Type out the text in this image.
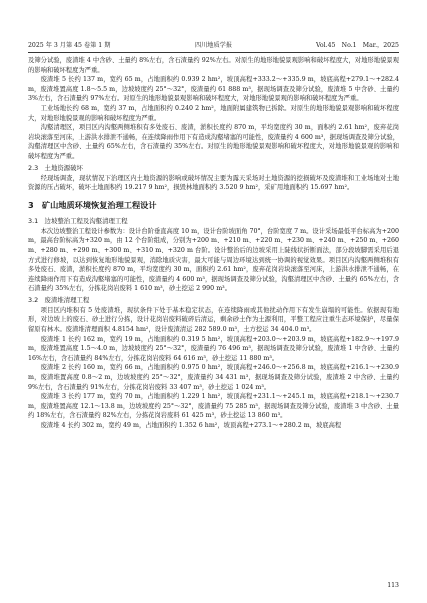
2025 年 3 月第 45 卷第 1 期	四川地质学报	Vol.45　No.1　Mar.，2025

及筛分试验，废渣堆 4 中含砂、土量约 8%左右，含石渣量约 92%左右。对原生的地形地貌景观影响和破坏程度大，对地形地貌景观的影响和破坏程度为严重。

废渣堆 5 长约 137 m，宽约 65 m，占地面积约 0.939 2 hm²，坡顶高程+333.2～+335.9 m，坡底高程+279.1～+282.4 m，废渣堆置高度 1.8～5.5 m，边坡坡度约 25°～32°，废渣量约 61 888 m³，据现场调查及筛分试验，废渣堆 5 中含砂、土量约 3%左右，含石渣量约 97%左右。对原生的地形地貌景观影响和破坏程度大，对地形地貌景观的影响和破坏程度为严重。

工业场地长约 68 m，宽约 37 m，占地面积约 0.240 2 hm²，地面附属建筑物已拆除。对原生的地形地貌景观影响和破坏程度大，对地形地貌景观的影响和破坏程度为严重。

沟壑清理区，项目区内沟壑两侧堆积有多处废石、废渣，淤积长度约 870 m，平均宽度约 30 m，面积约 2.61 hm²，废弃花岗岩块滚落至河床，上游洪水排泄不通畅，在连续降雨作用下有造成沟壑堵塞的可能性，废渣量约 4 600 m³，据现场调查及筛分试验，沟壑清理区中含砂、土量约 65%左右，含石渣量约 35%左右。对原生的地形地貌景观影响和破坏程度大，对地形地貌景观的影响和破坏程度为严重。

2.3　土地资源破坏

经现场调查，现状情况下治理区内土地资源的影响或破坏情况主要为露天采场对土地资源的挖损破坏及废渣堆和工业场地对土地资源的压占破坏，破坏土地面积约 19.217 9 hm²，损毁林地面积约 3.520 9 hm²，采矿用地面积约 15.697 hm²。

3　矿山地质环境恢复治理工程设计
3.1　边坡整治工程及沟壑清理工程

本次边坡整治工程设计参数为：设计台阶垂直高度 10 m，设计台阶坡面角 70°，台阶宽度 7 m。设计采场最低平台标高为+200 m，最高台阶标高为+320 m，由 12 个台阶组成，分别为+200 m、+210 m、+220 m、+230 m、+240 m、+250 m、+260 m、+280 m、+290 m、+300 m、+310 m、+320 m 台阶。设计整治后的边坡采用上陡线状折断面法，部分段坡脚需采用后退方式进行修坡，以达到恢复地形地貌景观，消除地质灾害，最大可能与周边环境达到统一协调的视觉效果。项目区内沟壑两侧堆积有多处废石、废渣，淤积长度约 870 m，平均宽度约 30 m，面积约 2.61 hm²，废弃花岗岩块滚落至河床，上游洪水排泄不通畅，在连续降雨作用下有造成沟壑堵塞的可能性，废渣量约 4 600 m³，据现场调查及筛分试验，沟壑清理区中含砂、土量约 65%左右，含石渣量约 35%左右，分拣花岗岩废料 1 610 m³，砂土挖运 2 990 m³。

3.2　废渣堆清理工程

项目区内堆积有 5 处废渣堆，现状条件下处于基本稳定状态，在连续降雨或其他扰动作用下有发生崩塌的可能性。依据现有地形，对边坡上的废石、砂土进行分拣，设计花岗岩废料破碎后清运，剩余砂土作为土源利用，平整工程应注重生态环境保护，尽量保留原有林木。废渣堆清理面积 4.8154 hm²，设计废渣清运 282 589.0 m³，土方挖运 34 404.0 m³。

废渣堆 1 长约 162 m，宽约 19 m，占地面积约 0.319 5 hm²，坡顶高程+203.0～+203.9 m，坡底高程+182.9～+197.9 m，废渣堆置高度 1.5～4.0 m，边坡坡度约 25°～32°，废渣量约 76 496 m³，据现场调查及筛分试验，废渣堆 1 中含砂、土量约 16%左右，含石渣量约 84%左右，分拣花岗岩废料 64 616 m³，砂土挖运 11 880 m³。

废渣堆 2 长约 160 m，宽约 66 m，占地面积约 0.975 0 hm²，坡顶高程+246.0～+256.8 m，坡底高程+216.1～+230.9 m，废渣堆置高度 0.8～2 m，边坡坡度约 25°～32°，废渣量约 34 431 m³，据现场调查及筛分试验，废渣堆 2 中含砂、土量约 9%左右，含石渣量约 91%左右，分拣花岗岩废料 33 407 m³，砂土挖运 1 024 m³。

废渣堆 3 长约 177 m，宽约 70 m，占地面积约 1.229 1 hm²，坡顶高程+231.1～+245.1 m，坡底高程+218.1～+230.7 m，废渣堆置高度 12.1～13.8 m，边坡坡度约 25°～32°，废渣量约 75 285 m³，据现场调查及筛分试验，废渣堆 3 中含砂、土量约 18%左右，含石渣量约 82%左右，分拣花岗岩废料 61 425 m³，砂土挖运 13 860 m³。

废渣堆 4 长约 302 m，宽约 49 m，占地面积约 1.352 6 hm²，坡顶高程+273.1～+280.2 m，坡底高程

113
